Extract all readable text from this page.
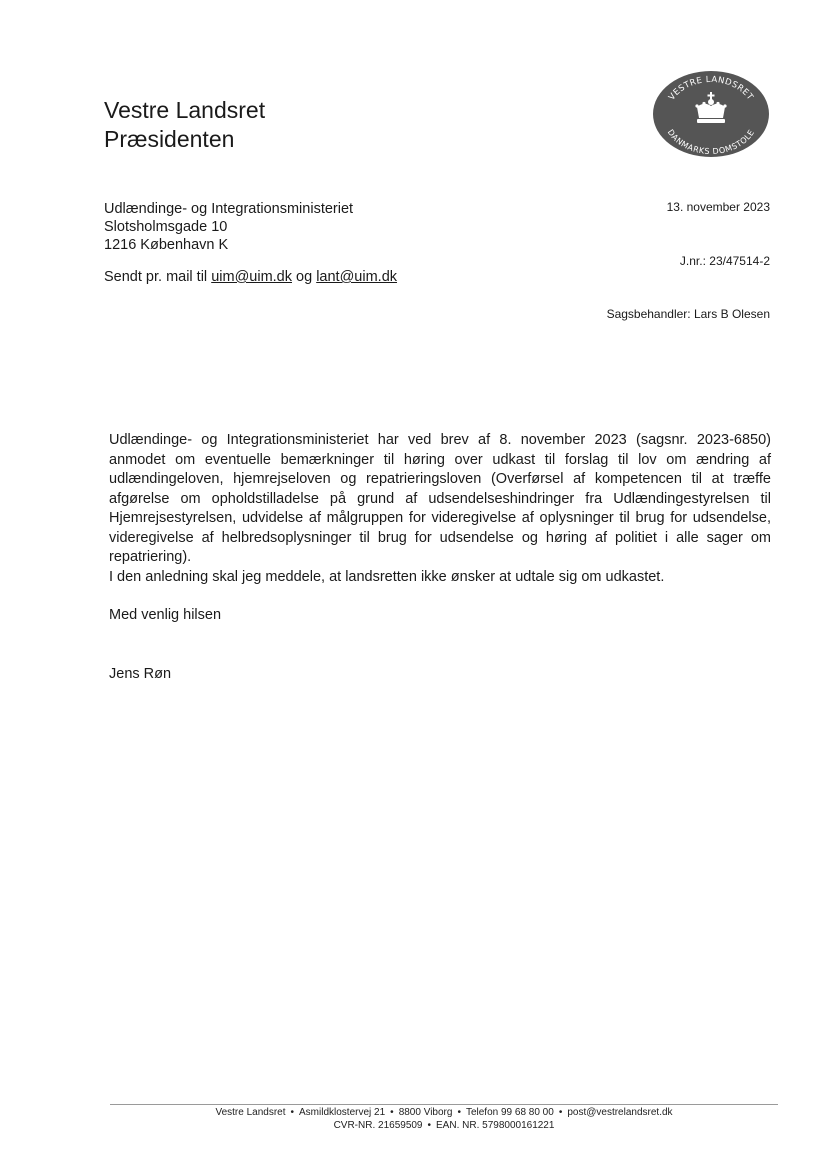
Vestre Landsret
Præsidenten
VESTRE LANDSRET
DANMARKS DOMSTOLE
Udlændinge- og Integrationsministeriet
Slotsholmsgade 10
1216 København K
13. november 2023
J.nr.: 23/47514-2
Sagsbehandler: Lars B Olesen
Sendt pr. mail til uim@uim.dk og lant@uim.dk
Udlændinge- og Integrationsministeriet har ved brev af 8. november 2023 (sagsnr. 2023-6850) anmodet om eventuelle bemærkninger til høring over udkast til forslag til lov om ændring af udlændingeloven, hjemrejseloven og repatrieringsloven (Overførsel af kompetencen til at træffe afgørelse om opholdstilladelse på grund af udsendelseshindringer fra Udlændingestyrelsen til Hjemrejsestyrelsen, udvidelse af målgruppen for videregivelse af oplysninger til brug for udsendelse, videregivelse af helbredsoplysninger til brug for udsendelse og høring af politiet i alle sager om repatriering).
I den anledning skal jeg meddele, at landsretten ikke ønsker at udtale sig om udkastet.
Med venlig hilsen
Jens Røn
Vestre Landsret • Asmildklostervej 21 • 8800 Viborg • Telefon 99 68 80 00 • post@vestrelandsret.dk
CVR-NR. 21659509 • EAN. NR. 5798000161221
